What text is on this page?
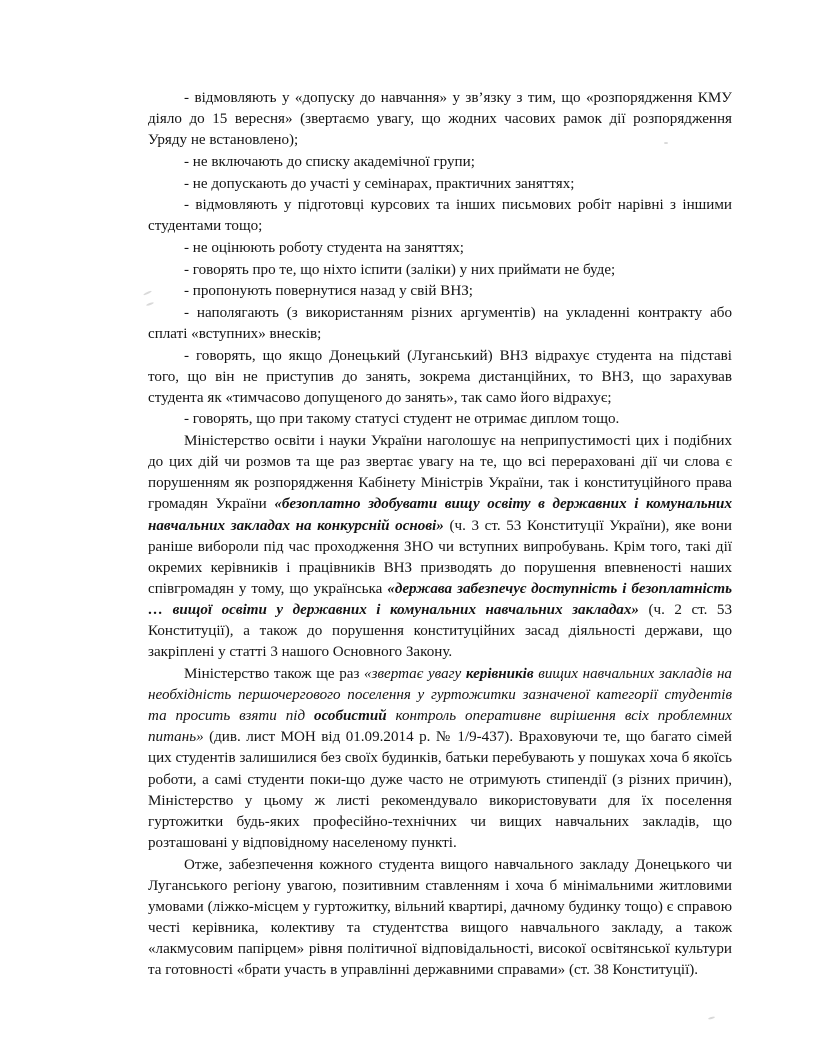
- відмовляють у «допуску до навчання» у зв’язку з тим, що «розпорядження КМУ діяло до 15 вересня» (звертаємо увагу, що жодних часових рамок дії розпорядження Уряду не встановлено);

- не включають до списку академічної групи;

- не допускають до участі у семінарах, практичних заняттях;

- відмовляють у підготовці курсових та інших письмових робіт нарівні з іншими студентами тощо;

- не оцінюють роботу студента на заняттях;

- говорять про те, що ніхто іспити (заліки) у них приймати не буде;

- пропонують повернутися назад у свій ВНЗ;

- наполягають (з використанням різних аргументів) на укладенні контракту або сплаті «вступних» внесків;

- говорять, що якщо Донецький (Луганський) ВНЗ відрахує студента на підставі того, що він не приступив до занять, зокрема дистанційних, то ВНЗ, що зарахував студента як «тимчасово допущеного до занять», так само його відрахує;

- говорять, що при такому статусі студент не отримає диплом тощо.

Міністерство освіти і науки України наголошує на неприпустимості цих і подібних до цих дій чи розмов та ще раз звертає увагу на те, що всі перераховані дії чи слова є порушенням як розпорядження Кабінету Міністрів України, так і конституційного права громадян України «безоплатно здобувати вищу освіту в державних і комунальних навчальних закладах на конкурсній основі» (ч. 3 ст. 53 Конституції України), яке вони раніше вибороли під час проходження ЗНО чи вступних випробувань. Крім того, такі дії окремих керівників і працівників ВНЗ призводять до порушення впевненості наших співгромадян у тому, що українська «держава забезпечує доступність і безоплатність … вищої освіти у державних і комунальних навчальних закладах» (ч. 2 ст. 53 Конституції), а також до порушення конституційних засад діяльності держави, що закріплені у статті 3 нашого Основного Закону.

Міністерство також ще раз «звертає увагу керівників вищих навчальних закладів на необхідність першочергового поселення у гуртожитки зазначеної категорії студентів та просить взяти під особистий контроль оперативне вирішення всіх проблемних питань» (див. лист МОН від 01.09.2014 р. № 1/9-437). Враховуючи те, що багато сімей цих студентів залишилися без своїх будинків, батьки перебувають у пошуках хоча б якоїсь роботи, а самі студенти поки-що дуже часто не отримують стипендії (з різних причин), Міністерство у цьому ж листі рекомендувало використовувати для їх поселення гуртожитки будь-яких професійно-технічних чи вищих навчальних закладів, що розташовані у відповідному населеному пункті.

Отже, забезпечення кожного студента вищого навчального закладу Донецького чи Луганського регіону увагою, позитивним ставленням і хоча б мінімальними житловими умовами (ліжко-місцем у гуртожитку, вільний квартирі, дачному будинку тощо) є справою честі керівника, колективу та студентства вищого навчального закладу, а також «лакмусовим папірцем» рівня політичної відповідальності, високої освітянської культури та готовності «брати участь в управлінні державними справами» (ст. 38 Конституції).
